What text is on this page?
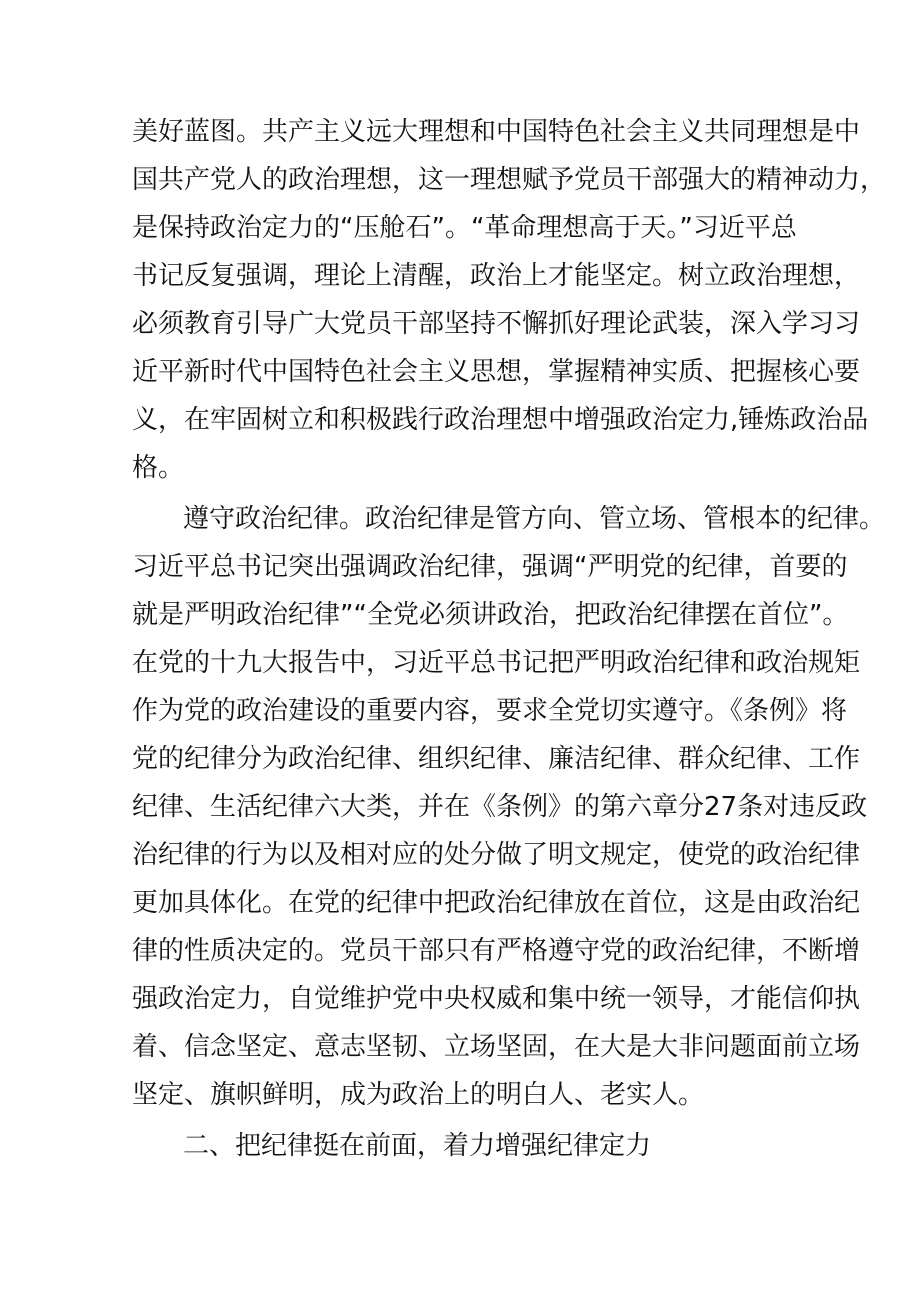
美好蓝图。共产主义远大理想和中国特色社会主义共同理想是中
国共产党人的政治理想，这一理想赋予党员干部强大的精神动力，
是保持政治定力的“压舱石”。“革命理想高于天。”习近平总
书记反复强调，理论上清醒，政治上才能坚定。树立政治理想，
必须教育引导广大党员干部坚持不懈抓好理论武装，深入学习习
近平新时代中国特色社会主义思想，掌握精神实质、把握核心要
义，在牢固树立和积极践行政治理想中增强政治定力,锤炼政治品
格。
遵守政治纪律。政治纪律是管方向、管立场、管根本的纪律。
习近平总书记突出强调政治纪律，强调“严明党的纪律，首要的
就是严明政治纪律”“全党必须讲政治，把政治纪律摆在首位”。
在党的十九大报告中，习近平总书记把严明政治纪律和政治规矩
作为党的政治建设的重要内容，要求全党切实遵守。《条例》将
党的纪律分为政治纪律、组织纪律、廉洁纪律、群众纪律、工作
纪律、生活纪律六大类，并在《条例》的第六章分27条对违反政
治纪律的行为以及相对应的处分做了明文规定，使党的政治纪律
更加具体化。在党的纪律中把政治纪律放在首位，这是由政治纪
律的性质决定的。党员干部只有严格遵守党的政治纪律，不断增
强政治定力，自觉维护党中央权威和集中统一领导，才能信仰执
着、信念坚定、意志坚韧、立场坚固，在大是大非问题面前立场
坚定、旗帜鲜明，成为政治上的明白人、老实人。
二、把纪律挺在前面，着力增强纪律定力
